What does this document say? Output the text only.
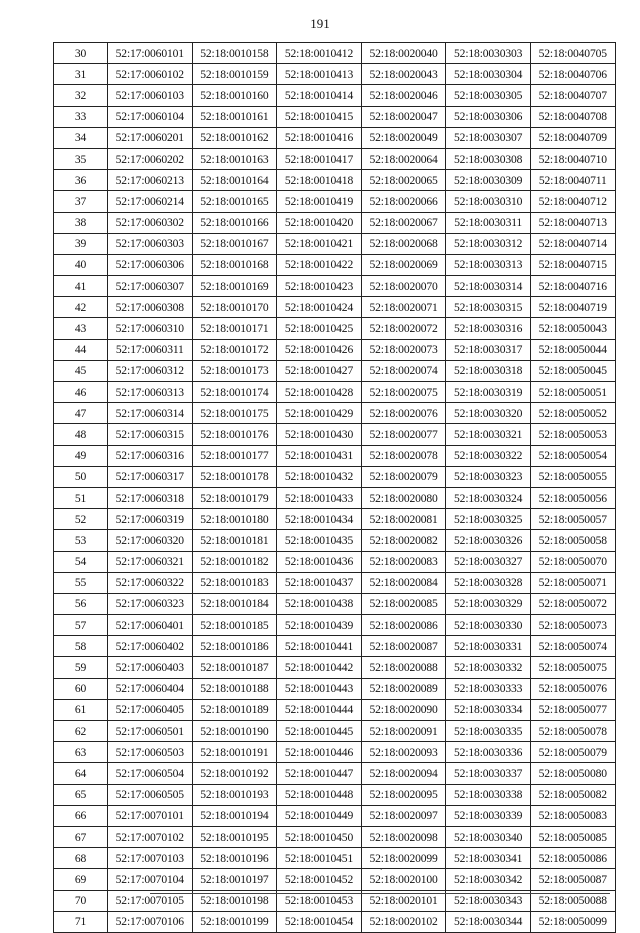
191
30	52:17:0060101	52:18:0010158	52:18:0010412	52:18:0020040	52:18:0030303	52:18:0040705
31	52:17:0060102	52:18:0010159	52:18:0010413	52:18:0020043	52:18:0030304	52:18:0040706
32	52:17:0060103	52:18:0010160	52:18:0010414	52:18:0020046	52:18:0030305	52:18:0040707
33	52:17:0060104	52:18:0010161	52:18:0010415	52:18:0020047	52:18:0030306	52:18:0040708
34	52:17:0060201	52:18:0010162	52:18:0010416	52:18:0020049	52:18:0030307	52:18:0040709
35	52:17:0060202	52:18:0010163	52:18:0010417	52:18:0020064	52:18:0030308	52:18:0040710
36	52:17:0060213	52:18:0010164	52:18:0010418	52:18:0020065	52:18:0030309	52:18:0040711
37	52:17:0060214	52:18:0010165	52:18:0010419	52:18:0020066	52:18:0030310	52:18:0040712
38	52:17:0060302	52:18:0010166	52:18:0010420	52:18:0020067	52:18:0030311	52:18:0040713
39	52:17:0060303	52:18:0010167	52:18:0010421	52:18:0020068	52:18:0030312	52:18:0040714
40	52:17:0060306	52:18:0010168	52:18:0010422	52:18:0020069	52:18:0030313	52:18:0040715
41	52:17:0060307	52:18:0010169	52:18:0010423	52:18:0020070	52:18:0030314	52:18:0040716
42	52:17:0060308	52:18:0010170	52:18:0010424	52:18:0020071	52:18:0030315	52:18:0040719
43	52:17:0060310	52:18:0010171	52:18:0010425	52:18:0020072	52:18:0030316	52:18:0050043
44	52:17:0060311	52:18:0010172	52:18:0010426	52:18:0020073	52:18:0030317	52:18:0050044
45	52:17:0060312	52:18:0010173	52:18:0010427	52:18:0020074	52:18:0030318	52:18:0050045
46	52:17:0060313	52:18:0010174	52:18:0010428	52:18:0020075	52:18:0030319	52:18:0050051
47	52:17:0060314	52:18:0010175	52:18:0010429	52:18:0020076	52:18:0030320	52:18:0050052
48	52:17:0060315	52:18:0010176	52:18:0010430	52:18:0020077	52:18:0030321	52:18:0050053
49	52:17:0060316	52:18:0010177	52:18:0010431	52:18:0020078	52:18:0030322	52:18:0050054
50	52:17:0060317	52:18:0010178	52:18:0010432	52:18:0020079	52:18:0030323	52:18:0050055
51	52:17:0060318	52:18:0010179	52:18:0010433	52:18:0020080	52:18:0030324	52:18:0050056
52	52:17:0060319	52:18:0010180	52:18:0010434	52:18:0020081	52:18:0030325	52:18:0050057
53	52:17:0060320	52:18:0010181	52:18:0010435	52:18:0020082	52:18:0030326	52:18:0050058
54	52:17:0060321	52:18:0010182	52:18:0010436	52:18:0020083	52:18:0030327	52:18:0050070
55	52:17:0060322	52:18:0010183	52:18:0010437	52:18:0020084	52:18:0030328	52:18:0050071
56	52:17:0060323	52:18:0010184	52:18:0010438	52:18:0020085	52:18:0030329	52:18:0050072
57	52:17:0060401	52:18:0010185	52:18:0010439	52:18:0020086	52:18:0030330	52:18:0050073
58	52:17:0060402	52:18:0010186	52:18:0010441	52:18:0020087	52:18:0030331	52:18:0050074
59	52:17:0060403	52:18:0010187	52:18:0010442	52:18:0020088	52:18:0030332	52:18:0050075
60	52:17:0060404	52:18:0010188	52:18:0010443	52:18:0020089	52:18:0030333	52:18:0050076
61	52:17:0060405	52:18:0010189	52:18:0010444	52:18:0020090	52:18:0030334	52:18:0050077
62	52:17:0060501	52:18:0010190	52:18:0010445	52:18:0020091	52:18:0030335	52:18:0050078
63	52:17:0060503	52:18:0010191	52:18:0010446	52:18:0020093	52:18:0030336	52:18:0050079
64	52:17:0060504	52:18:0010192	52:18:0010447	52:18:0020094	52:18:0030337	52:18:0050080
65	52:17:0060505	52:18:0010193	52:18:0010448	52:18:0020095	52:18:0030338	52:18:0050082
66	52:17:0070101	52:18:0010194	52:18:0010449	52:18:0020097	52:18:0030339	52:18:0050083
67	52:17:0070102	52:18:0010195	52:18:0010450	52:18:0020098	52:18:0030340	52:18:0050085
68	52:17:0070103	52:18:0010196	52:18:0010451	52:18:0020099	52:18:0030341	52:18:0050086
69	52:17:0070104	52:18:0010197	52:18:0010452	52:18:0020100	52:18:0030342	52:18:0050087
70	52:17:0070105	52:18:0010198	52:18:0010453	52:18:0020101	52:18:0030343	52:18:0050088
71	52:17:0070106	52:18:0010199	52:18:0010454	52:18:0020102	52:18:0030344	52:18:0050099
.
